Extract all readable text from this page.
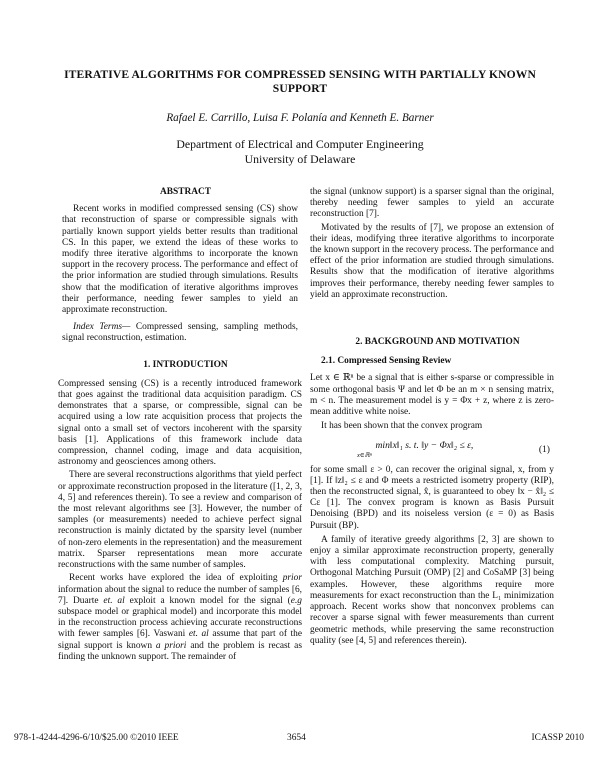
ITERATIVE ALGORITHMS FOR COMPRESSED SENSING WITH PARTIALLY KNOWN SUPPORT
Rafael E. Carrillo, Luisa F. Polanía and Kenneth E. Barner
Department of Electrical and Computer Engineering
University of Delaware

ABSTRACT

Recent works in modified compressed sensing (CS) show that reconstruction of sparse or compressible signals with partially known support yields better results than traditional CS. In this paper, we extend the ideas of these works to modify three iterative algorithms to incorporate the known support in the recovery process. The performance and effect of the prior information are studied through simulations. Results show that the modification of iterative algorithms improves their performance, needing fewer samples to yield an approximate reconstruction.

Index Terms— Compressed sensing, sampling methods, signal reconstruction, estimation.

1. INTRODUCTION

Compressed sensing (CS) is a recently introduced framework that goes against the traditional data acquisition paradigm. CS demonstrates that a sparse, or compressible, signal can be acquired using a low rate acquisition process that projects the signal onto a small set of vectors incoherent with the sparsity basis [1]. Applications of this framework include data compression, channel coding, image and data acquisition, astronomy and geosciences among others.

There are several reconstructions algorithms that yield perfect or approximate reconstruction proposed in the literature ([1, 2, 3, 4, 5] and references therein). To see a review and comparison of the most relevant algorithms see [3]. However, the number of samples (or measurements) needed to achieve perfect signal reconstruction is mainly dictated by the sparsity level (number of non-zero elements in the representation) and the measurement matrix. Sparser representations mean more accurate reconstructions with the same number of samples.

Recent works have explored the idea of exploiting prior information about the signal to reduce the number of samples [6, 7]. Duarte et. al exploit a known model for the signal (e.g subspace model or graphical model) and incorporate this model in the reconstruction process achieving accurate reconstructions with fewer samples [6]. Vaswani et. al assume that part of the signal support is known a priori and the problem is recast as finding the unknown support. The remainder of

the signal (unknow support) is a sparser signal than the original, thereby needing fewer samples to yield an accurate reconstruction [7].

Motivated by the results of [7], we propose an extension of their ideas, modifying three iterative algorithms to incorporate the known support in the recovery process. The performance and effect of the prior information are studied through simulations. Results show that the modification of iterative algorithms improves their performance, thereby needing fewer samples to yield an approximate reconstruction.

2. BACKGROUND AND MOTIVATION

2.1. Compressed Sensing Review

Let x ∈ ℝⁿ be a signal that is either s-sparse or compressible in some orthogonal basis Ψ and let Φ be an m × n sensing matrix, m < n. The measurement model is y = Φx + z, where z is zero-mean additive white noise.

It has been shown that the convex program

min‖x‖₁ s. t. ‖y − Φx‖₂ ≤ ε,
x∈ℝⁿ
(1)

for some small ε > 0, can recover the original signal, x, from y [1]. If ‖z‖₂ ≤ ε and Φ meets a restricted isometry property (RIP), then the reconstructed signal, x̂, is guaranteed to obey ‖x − x̂‖₂ ≤ Cε [1]. The convex program is known as Basis Pursuit Denoising (BPD) and its noiseless version (ε = 0) as Basis Pursuit (BP).

A family of iterative greedy algorithms [2, 3] are shown to enjoy a similar approximate reconstruction property, generally with less computational complexity. Matching pursuit, Orthogonal Matching Pursuit (OMP) [2] and CoSaMP [3] being examples. However, these algorithms require more measurements for exact reconstruction than the L₁ minimization approach. Recent works show that nonconvex problems can recover a sparse signal with fewer measurements than current geometric methods, while preserving the same reconstruction quality (see [4, 5] and references therein).

978-1-4244-4296-6/10/$25.00 ©2010 IEEE	3654	ICASSP 2010
